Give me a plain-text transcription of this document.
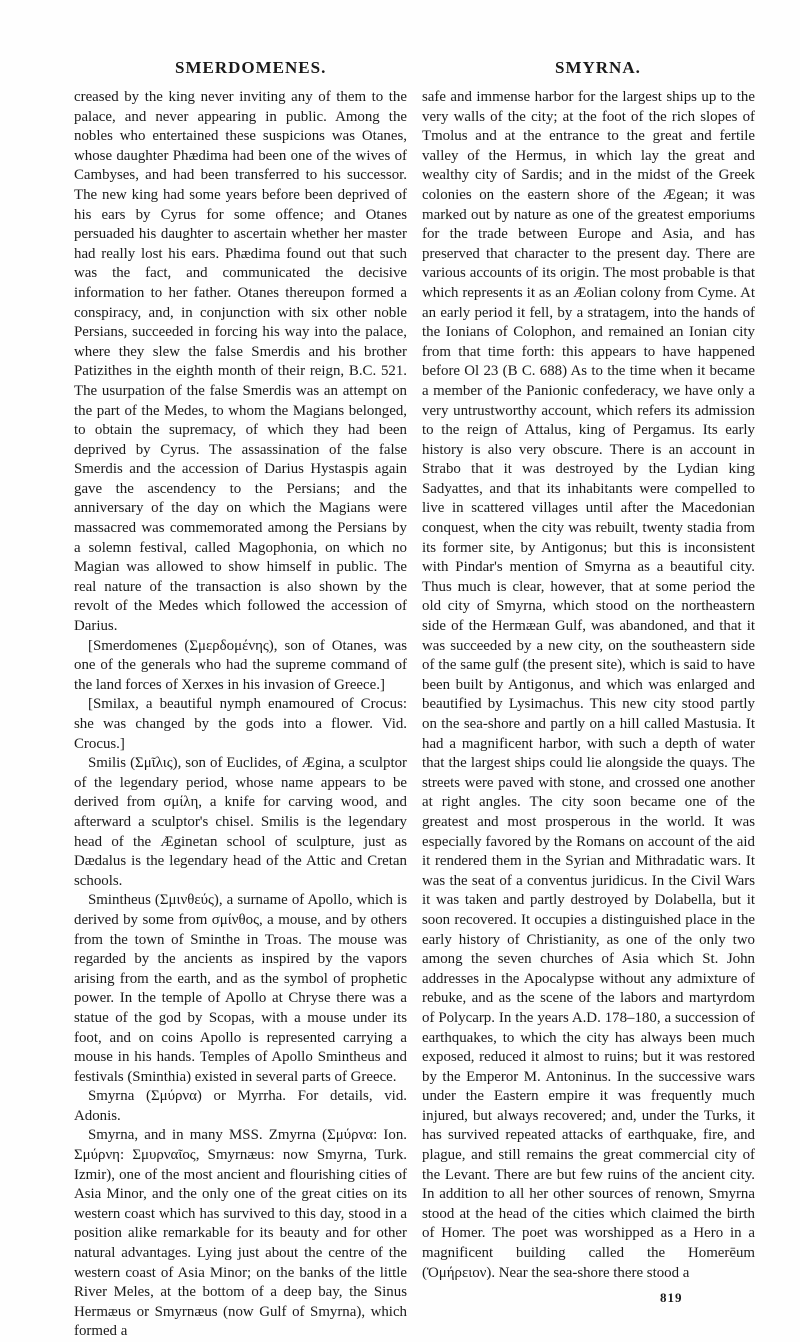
SMERDOMENES.	SMYRNA.

creased by the king never inviting any of them to the palace, and never appearing in public. Among the nobles who entertained these suspicions was Otanes, whose daughter Phædima had been one of the wives of Cambyses, and had been transferred to his successor. The new king had some years before been deprived of his ears by Cyrus for some offence; and Otanes persuaded his daughter to ascertain whether her master had really lost his ears. Phædima found out that such was the fact, and communicated the decisive information to her father. Otanes thereupon formed a conspiracy, and, in conjunction with six other noble Persians, succeeded in forcing his way into the palace, where they slew the false Smerdis and his brother Patizithes in the eighth month of their reign, B.C. 521. The usurpation of the false Smerdis was an attempt on the part of the Medes, to whom the Magians belonged, to obtain the supremacy, of which they had been deprived by Cyrus. The assassination of the false Smerdis and the accession of Darius Hystaspis again gave the ascendency to the Persians; and the anniversary of the day on which the Magians were massacred was commemorated among the Persians by a solemn festival, called Magophonia, on which no Magian was allowed to show himself in public. The real nature of the transaction is also shown by the revolt of the Medes which followed the accession of Darius.

[Smerdomenes (Σμερδομένης), son of Otanes, was one of the generals who had the supreme command of the land forces of Xerxes in his invasion of Greece.]

[Smilax, a beautiful nymph enamoured of Crocus: she was changed by the gods into a flower. Vid. Crocus.]

Smilis (Σμῖλις), son of Euclides, of Ægina, a sculptor of the legendary period, whose name appears to be derived from σμίλη, a knife for carving wood, and afterward a sculptor's chisel. Smilis is the legendary head of the Æginetan school of sculpture, just as Dædalus is the legendary head of the Attic and Cretan schools.

Smintheus (Σμινθεύς), a surname of Apollo, which is derived by some from σμίνθος, a mouse, and by others from the town of Sminthe in Troas. The mouse was regarded by the ancients as inspired by the vapors arising from the earth, and as the symbol of prophetic power. In the temple of Apollo at Chryse there was a statue of the god by Scopas, with a mouse under its foot, and on coins Apollo is represented carrying a mouse in his hands. Temples of Apollo Smintheus and festivals (Sminthia) existed in several parts of Greece.

Smyrna (Σμύρνα) or Myrrha. For details, vid. Adonis.

Smyrna, and in many MSS. Zmyrna (Σμύρνα: Ion. Σμύρνη: Σμυρναῖος, Smyrnæus: now Smyrna, Turk. Izmir), one of the most ancient and flourishing cities of Asia Minor, and the only one of the great cities on its western coast which has survived to this day, stood in a position alike remarkable for its beauty and for other natural advantages. Lying just about the centre of the western coast of Asia Minor; on the banks of the little River Meles, at the bottom of a deep bay, the Sinus Hermæus or Smyrnæus (now Gulf of Smyrna), which formed a

safe and immense harbor for the largest ships up to the very walls of the city; at the foot of the rich slopes of Tmolus and at the entrance to the great and fertile valley of the Hermus, in which lay the great and wealthy city of Sardis; and in the midst of the Greek colonies on the eastern shore of the Ægean; it was marked out by nature as one of the greatest emporiums for the trade between Europe and Asia, and has preserved that character to the present day. There are various accounts of its origin. The most probable is that which represents it as an Æolian colony from Cyme. At an early period it fell, by a stratagem, into the hands of the Ionians of Colophon, and remained an Ionian city from that time forth: this appears to have happened before Ol 23 (B C. 688) As to the time when it became a member of the Panionic confederacy, we have only a very untrustworthy account, which refers its admission to the reign of Attalus, king of Pergamus. Its early history is also very obscure. There is an account in Strabo that it was destroyed by the Lydian king Sadyattes, and that its inhabitants were compelled to live in scattered villages until after the Macedonian conquest, when the city was rebuilt, twenty stadia from its former site, by Antigonus; but this is inconsistent with Pindar's mention of Smyrna as a beautiful city. Thus much is clear, however, that at some period the old city of Smyrna, which stood on the northeastern side of the Hermæan Gulf, was abandoned, and that it was succeeded by a new city, on the southeastern side of the same gulf (the present site), which is said to have been built by Antigonus, and which was enlarged and beautified by Lysimachus. This new city stood partly on the sea-shore and partly on a hill called Mastusia. It had a magnificent harbor, with such a depth of water that the largest ships could lie alongside the quays. The streets were paved with stone, and crossed one another at right angles. The city soon became one of the greatest and most prosperous in the world. It was especially favored by the Romans on account of the aid it rendered them in the Syrian and Mithradatic wars. It was the seat of a conventus juridicus. In the Civil Wars it was taken and partly destroyed by Dolabella, but it soon recovered. It occupies a distinguished place in the early history of Christianity, as one of the only two among the seven churches of Asia which St. John addresses in the Apocalypse without any admixture of rebuke, and as the scene of the labors and martyrdom of Polycarp. In the years A.D. 178–180, a succession of earthquakes, to which the city has always been much exposed, reduced it almost to ruins; but it was restored by the Emperor M. Antoninus. In the successive wars under the Eastern empire it was frequently much injured, but always recovered; and, under the Turks, it has survived repeated attacks of earthquake, fire, and plague, and still remains the great commercial city of the Levant. There are but few ruins of the ancient city. In addition to all her other sources of renown, Smyrna stood at the head of the cities which claimed the birth of Homer. The poet was worshipped as a Hero in a magnificent building called the Homerēum (Ὁμήρειον). Near the sea-shore there stood a

819
